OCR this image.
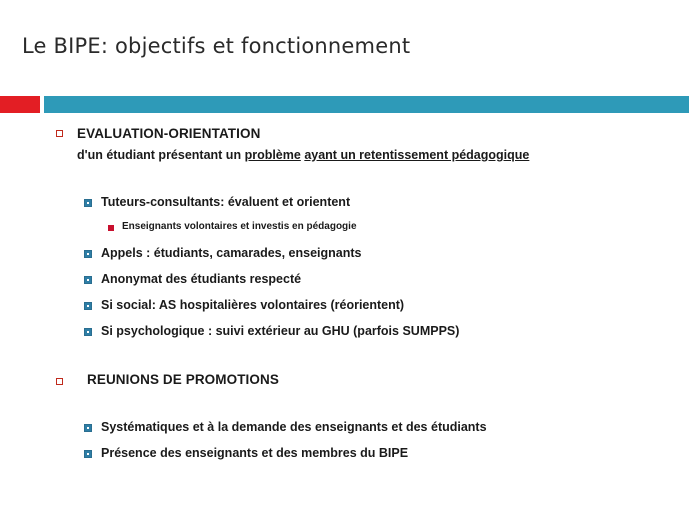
Le BIPE: objectifs et fonctionnement
EVALUATION-ORIENTATION
d'un étudiant présentant un problème ayant un retentissement pédagogique
Tuteurs-consultants: évaluent et orientent
Enseignants volontaires et investis en pédagogie
Appels : étudiants, camarades, enseignants
Anonymat des étudiants respecté
Si social: AS hospitalières volontaires (réorientent)
Si psychologique : suivi extérieur au GHU (parfois SUMPPS)
REUNIONS DE PROMOTIONS
Systématiques et à la demande des enseignants et des étudiants
Présence des enseignants et des membres du BIPE
